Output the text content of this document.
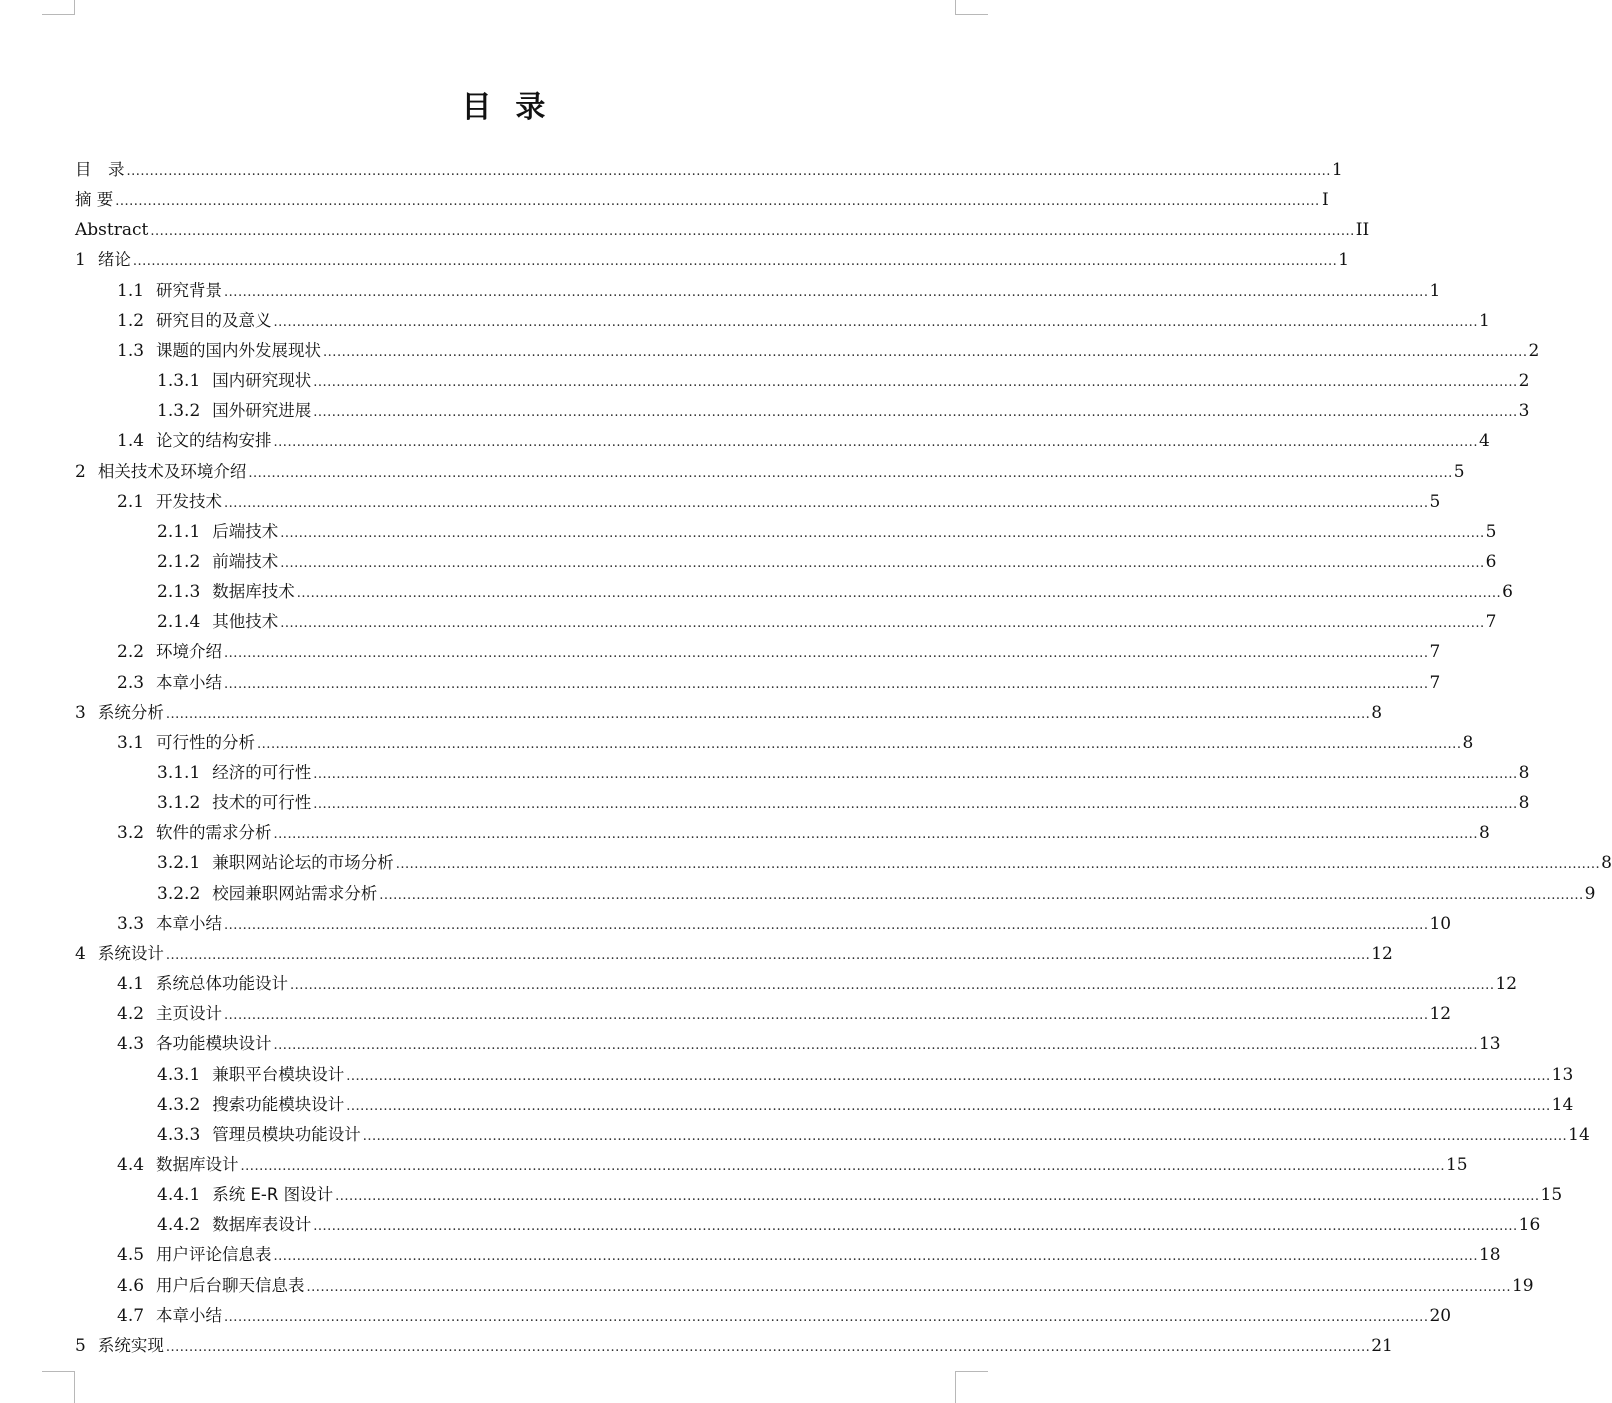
目  录
目　录 .................................................................................................................................................................................................................................................................... 1
摘 要 .................................................................................................................................................................................................................................................................... I
Abstract .................................................................................................................................................................................................................................................................... II
1 绪论 .................................................................................................................................................................................................................................................................... 1
1.1 研究背景 .................................................................................................................................................................................................................................................................... 1
1.2 研究目的及意义 .................................................................................................................................................................................................................................................................... 1
1.3 课题的国内外发展现状 .................................................................................................................................................................................................................................................................... 2
1.3.1 国内研究现状 .................................................................................................................................................................................................................................................................... 2
1.3.2 国外研究进展 .................................................................................................................................................................................................................................................................... 3
1.4 论文的结构安排 .................................................................................................................................................................................................................................................................... 4
2 相关技术及环境介绍 .................................................................................................................................................................................................................................................................... 5
2.1 开发技术 .................................................................................................................................................................................................................................................................... 5
2.1.1 后端技术 .................................................................................................................................................................................................................................................................... 5
2.1.2 前端技术 .................................................................................................................................................................................................................................................................... 6
2.1.3 数据库技术 .................................................................................................................................................................................................................................................................... 6
2.1.4 其他技术 .................................................................................................................................................................................................................................................................... 7
2.2 环境介绍 .................................................................................................................................................................................................................................................................... 7
2.3 本章小结 .................................................................................................................................................................................................................................................................... 7
3 系统分析 .................................................................................................................................................................................................................................................................... 8
3.1 可行性的分析 .................................................................................................................................................................................................................................................................... 8
3.1.1 经济的可行性 .................................................................................................................................................................................................................................................................... 8
3.1.2 技术的可行性 .................................................................................................................................................................................................................................................................... 8
3.2 软件的需求分析 .................................................................................................................................................................................................................................................................... 8
3.2.1 兼职网站论坛的市场分析 .................................................................................................................................................................................................................................................................... 8
3.2.2 校园兼职网站需求分析 .................................................................................................................................................................................................................................................................... 9
3.3 本章小结 .................................................................................................................................................................................................................................................................... 10
4 系统设计 .................................................................................................................................................................................................................................................................... 12
4.1 系统总体功能设计 .................................................................................................................................................................................................................................................................... 12
4.2 主页设计 .................................................................................................................................................................................................................................................................... 12
4.3 各功能模块设计 .................................................................................................................................................................................................................................................................... 13
4.3.1 兼职平台模块设计 .................................................................................................................................................................................................................................................................... 13
4.3.2 搜索功能模块设计 .................................................................................................................................................................................................................................................................... 14
4.3.3 管理员模块功能设计 .................................................................................................................................................................................................................................................................... 14
4.4 数据库设计 .................................................................................................................................................................................................................................................................... 15
4.4.1 系统 E-R 图设计 .................................................................................................................................................................................................................................................................... 15
4.4.2 数据库表设计 .................................................................................................................................................................................................................................................................... 16
4.5 用户评论信息表 .................................................................................................................................................................................................................................................................... 18
4.6 用户后台聊天信息表 .................................................................................................................................................................................................................................................................... 19
4.7 本章小结 .................................................................................................................................................................................................................................................................... 20
5 系统实现 .................................................................................................................................................................................................................................................................... 21
